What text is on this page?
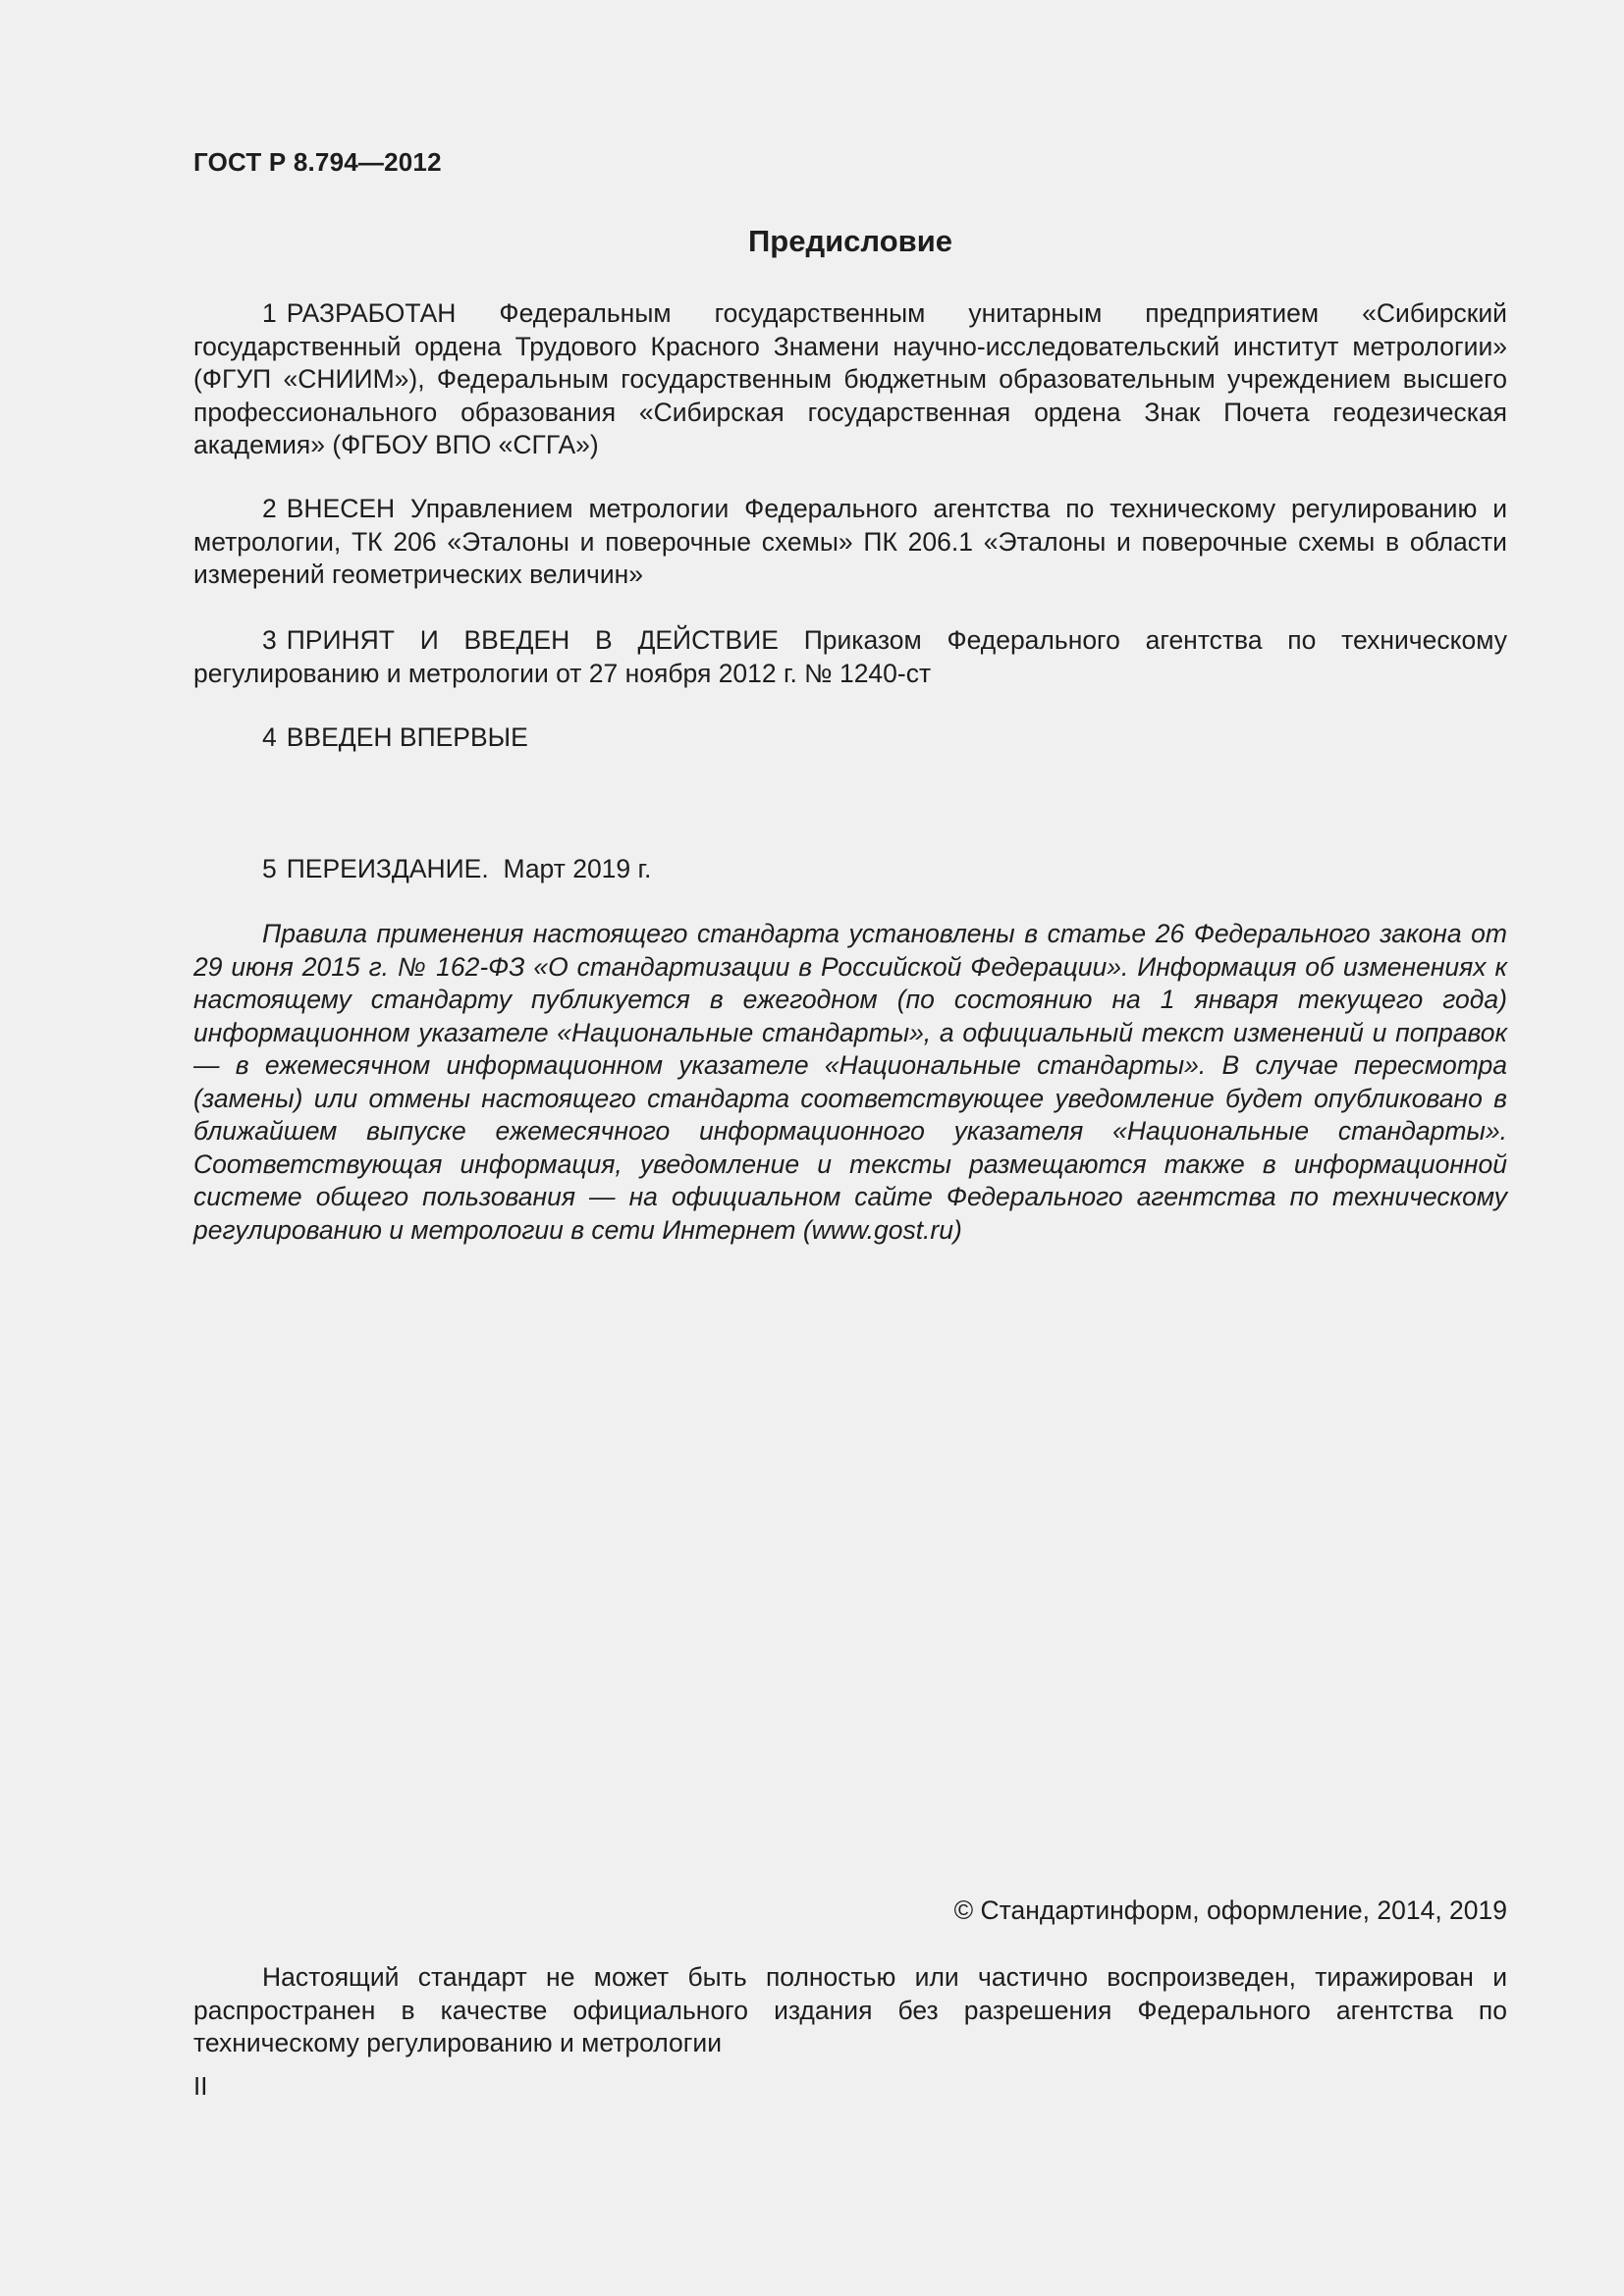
ГОСТ Р 8.794—2012
Предисловие

1 РАЗРАБОТАН Федеральным государственным унитарным предприятием «Сибирский государственный ордена Трудового Красного Знамени научно-исследовательский институт метрологии» (ФГУП «СНИИМ»), Федеральным государственным бюджетным образовательным учреждением высшего профессионального образования «Сибирская государственная ордена Знак Почета геодезическая академия» (ФГБОУ ВПО «СГГА»)

2 ВНЕСЕН Управлением метрологии Федерального агентства по техническому регулированию и метрологии, ТК 206 «Эталоны и поверочные схемы» ПК 206.1 «Эталоны и поверочные схемы в области измерений геометрических величин»

3 ПРИНЯТ И ВВЕДЕН В ДЕЙСТВИЕ Приказом Федерального агентства по техническому регулированию и метрологии от 27 ноября 2012 г. № 1240-ст

4 ВВЕДЕН ВПЕРВЫЕ

5 ПЕРЕИЗДАНИЕ.  Март 2019 г.

Правила применения настоящего стандарта установлены в статье 26 Федерального закона от 29 июня 2015 г. № 162-ФЗ «О стандартизации в Российской Федерации». Информация об изменениях к настоящему стандарту публикуется в ежегодном (по состоянию на 1 января текущего года) информационном указателе «Национальные стандарты», а официальный текст изменений и поправок — в ежемесячном информационном указателе «Национальные стандарты». В случае пересмотра (замены) или отмены настоящего стандарта соответствующее уведомление будет опубликовано в ближайшем выпуске ежемесячного информационного указателя «Национальные стандарты». Соответствующая информация, уведомление и тексты размещаются также в информационной системе общего пользования — на официальном сайте Федерального агентства по техническому регулированию и метрологии в сети Интернет (www.gost.ru)

© Стандартинформ, оформление, 2014, 2019

Настоящий стандарт не может быть полностью или частично воспроизведен, тиражирован и распространен в качестве официального издания без разрешения Федерального агентства по техническому регулированию и метрологии

II
